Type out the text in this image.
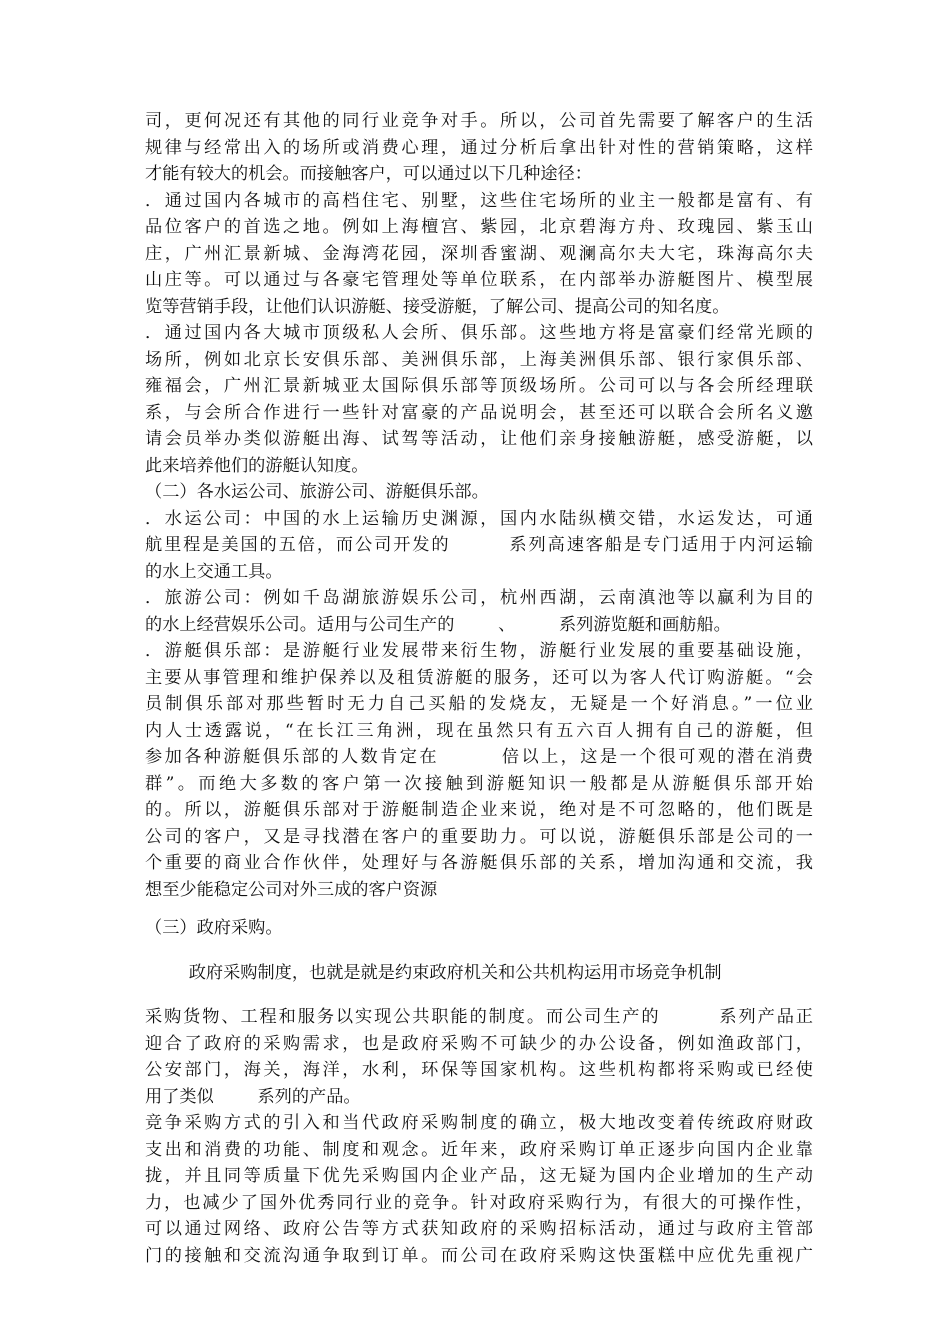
司，更何况还有其他的同行业竞争对手。所以，公司首先需要了解客户的生活
规律与经常出入的场所或消费心理，通过分析后拿出针对性的营销策略，这样
才能有较大的机会。而接触客户，可以通过以下几种途径：
．通过国内各城市的高档住宅、别墅，这些住宅场所的业主一般都是富有、有
品位客户的首选之地。例如上海檀宫、紫园，北京碧海方舟、玫瑰园、紫玉山
庄，广州汇景新城、金海湾花园，深圳香蜜湖、观澜高尔夫大宅，珠海高尔夫
山庄等。可以通过与各豪宅管理处等单位联系，在内部举办游艇图片、模型展
览等营销手段，让他们认识游艇、接受游艇，了解公司、提高公司的知名度。
．通过国内各大城市顶级私人会所、俱乐部。这些地方将是富豪们经常光顾的
场所，例如北京长安俱乐部、美洲俱乐部，上海美洲俱乐部、银行家俱乐部、
雍福会，广州汇景新城亚太国际俱乐部等顶级场所。公司可以与各会所经理联
系，与会所合作进行一些针对富豪的产品说明会，甚至还可以联合会所名义邀
请会员举办类似游艇出海、试驾等活动，让他们亲身接触游艇，感受游艇，以
此来培养他们的游艇认知度。
（二）各水运公司、旅游公司、游艇俱乐部。
．水运公司：中国的水上运输历史渊源，国内水陆纵横交错，水运发达，可通
航里程是美国的五倍，而公司开发的        系列高速客船是专门适用于内河运输
的水上交通工具。
．旅游公司：例如千岛湖旅游娱乐公司，杭州西湖，云南滇池等以赢利为目的
的水上经营娱乐公司。适用与公司生产的        、        系列游览艇和画舫船。
．游艇俱乐部：是游艇行业发展带来衍生物，游艇行业发展的重要基础设施，
主要从事管理和维护保养以及租赁游艇的服务，还可以为客人代订购游艇。“会
员制俱乐部对那些暂时无力自己买船的发烧友，无疑是一个好消息。”一位业
内人士透露说，“在长江三角洲，现在虽然只有五六百人拥有自己的游艇，但
参加各种游艇俱乐部的人数肯定在        倍以上，这是一个很可观的潜在消费
群”。而绝大多数的客户第一次接触到游艇知识一般都是从游艇俱乐部开始
的。所以，游艇俱乐部对于游艇制造企业来说，绝对是不可忽略的，他们既是
公司的客户，又是寻找潜在客户的重要助力。可以说，游艇俱乐部是公司的一
个重要的商业合作伙伴，处理好与各游艇俱乐部的关系，增加沟通和交流，我
想至少能稳定公司对外三成的客户资源
（三）政府采购。
政府采购制度，也就是就是约束政府机关和公共机构运用市场竞争机制
采购货物、工程和服务以实现公共职能的制度。而公司生产的        系列产品正
迎合了政府的采购需求，也是政府采购不可缺少的办公设备，例如渔政部门，
公安部门，海关，海洋，水利，环保等国家机构。这些机构都将采购或已经使
用了类似        系列的产品。
竞争采购方式的引入和当代政府采购制度的确立，极大地改变着传统政府财政
支出和消费的功能、制度和观念。近年来，政府采购订单正逐步向国内企业靠
拢，并且同等质量下优先采购国内企业产品，这无疑为国内企业增加的生产动
力，也减少了国外优秀同行业的竞争。针对政府采购行为，有很大的可操作性，
可以通过网络、政府公告等方式获知政府的采购招标活动，通过与政府主管部
门的接触和交流沟通争取到订单。而公司在政府采购这快蛋糕中应优先重视广
